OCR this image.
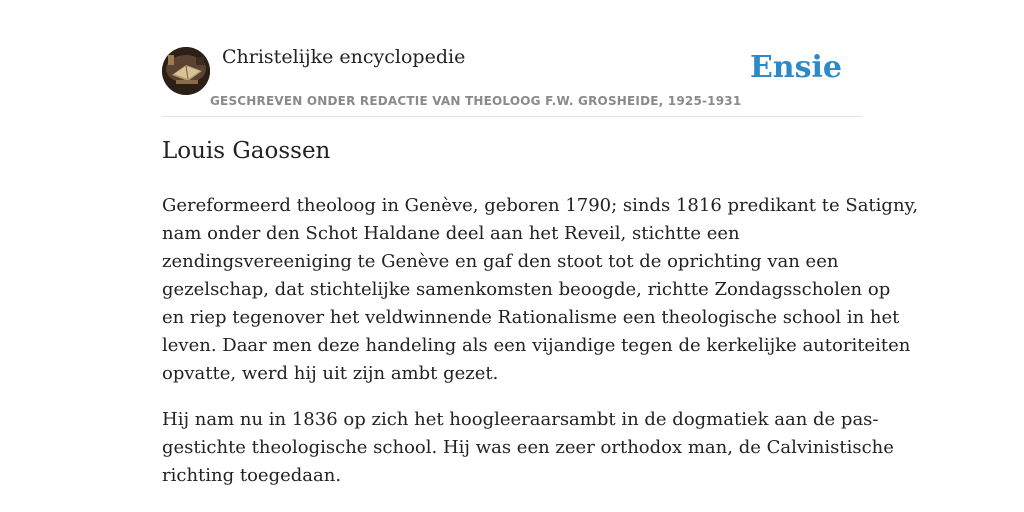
Christelijke encyclopedie
GESCHREVEN ONDER REDACTIE VAN THEOLOOG F.W. GROSHEIDE, 1925-1931
Ensie
Louis Gaossen

Gereformeerd theoloog in Genève, geboren 1790; sinds 1816 predikant te Satigny,
nam onder den Schot Haldane deel aan het Reveil, stichtte een
zendingsvereeniging te Genève en gaf den stoot tot de oprichting van een
gezelschap, dat stichtelijke samenkomsten beoogde, richtte Zondagsscholen op
en riep tegenover het veldwinnende Rationalisme een theologische school in het
leven. Daar men deze handeling als een vijandige tegen de kerkelijke autoriteiten
opvatte, werd hij uit zijn ambt gezet.

Hij nam nu in 1836 op zich het hoogleeraarsambt in de dogmatiek aan de pas-
gestichte theologische school. Hij was een zeer orthodox man, de Calvinistische
richting toegedaan.
